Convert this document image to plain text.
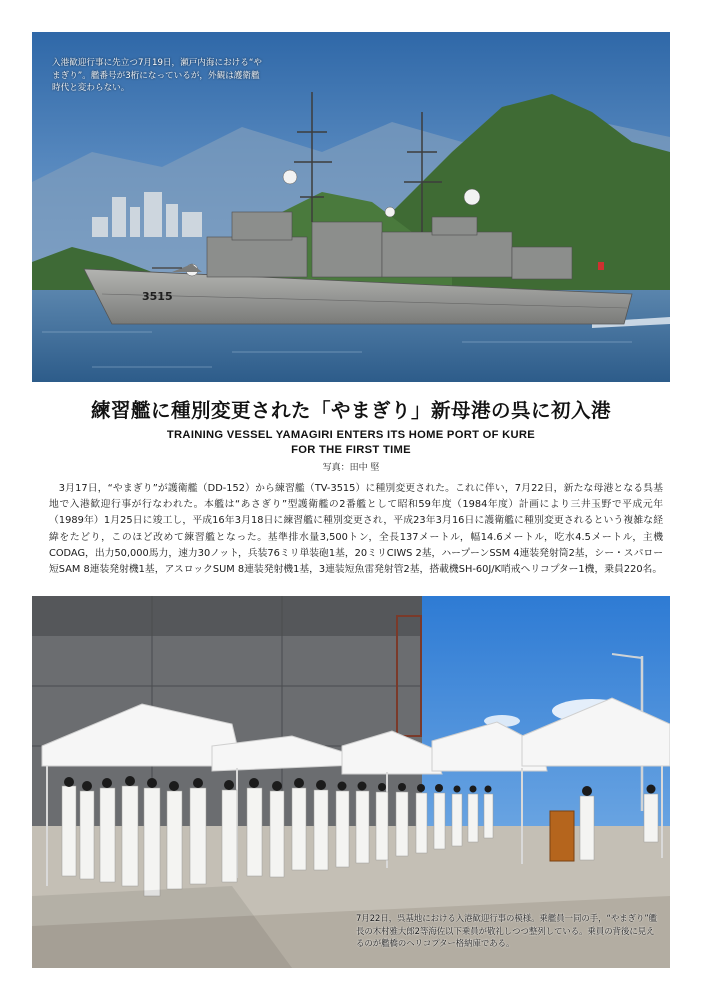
3515
入港歓迎行事に先立つ7月19日，瀬戸内海における“やまぎり”。艦番号が3桁になっているが，外観は護衛艦時代と変わらない。
練習艦に種別変更された「やまぎり」新母港の呉に初入港
TRAINING VESSEL YAMAGIRI ENTERS ITS HOME PORT OF KURE
FOR THE FIRST TIME
写真：田中 堅
3月17日，“やまぎり”が護衛艦（DD-152）から練習艦（TV-3515）に種別変更された。これに伴い，7月22日，新たな母港となる呉基地で入港歓迎行事が行なわれた。本艦は“あさぎり”型護衛艦の2番艦として昭和59年度（1984年度）計画により三井玉野で平成元年（1989年）1月25日に竣工し，平成16年3月18日に練習艦に種別変更され，平成23年3月16日に護衛艦に種別変更されるという複雑な経緯をたどり，このほど改めて練習艦となった。基準排水量3,500トン，全長137メートル，幅14.6メートル，吃水4.5メートル，主機CODAG，出力50,000馬力，速力30ノット，兵装76ミリ単装砲1基，20ミリCIWS 2基，ハープーンSSM 4連装発射筒2基，シー・スパロー短SAM 8連装発射機1基，アスロックSUM 8連装発射機1基，3連装短魚雷発射管2基，搭載機SH-60J/K哨戒ヘリコプター1機，乗員220名。
7月22日，呉基地における入港歓迎行事の模様。乗艦員一同の手，“やまぎり”艦長の木村雅大郎2等海佐以下乗員が敬礼しつつ整列している。乗員の背後に見えるのが艦橋のヘリコプター格納庫である。
